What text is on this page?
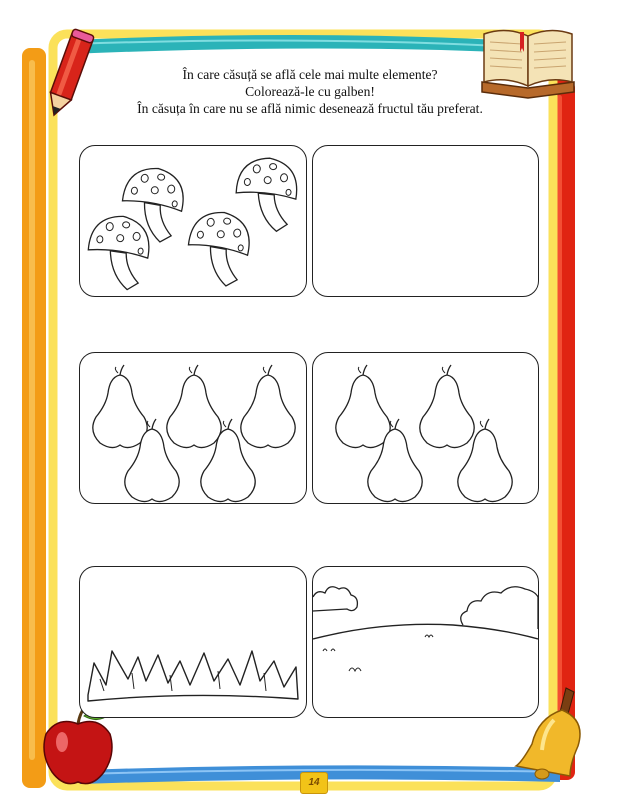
În care căsuță se află cele mai multe elemente?
Colorează-le cu galben!
În căsuța în care nu se află nimic desenează fructul tău preferat.
14
